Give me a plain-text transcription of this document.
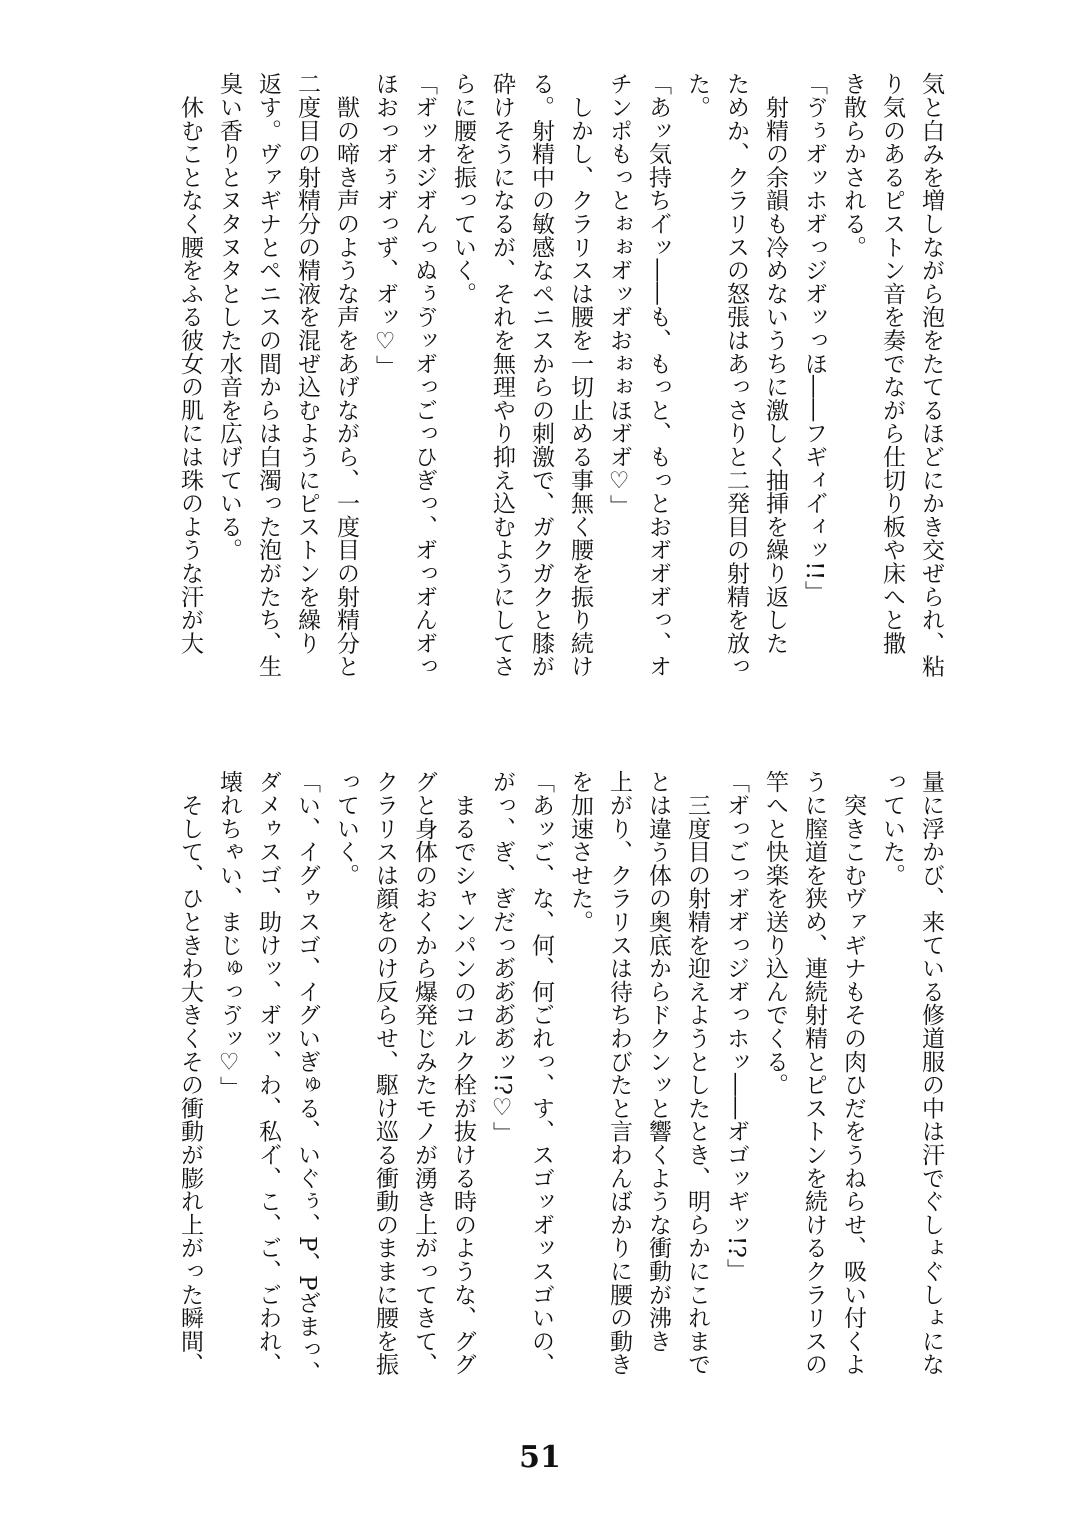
気と白みを増しながら泡をたてるほどにかき交ぜられ、粘
り気のあるピストン音を奏でながら仕切り板や床へと撒
き散らかされる。
「ゔぅオ゙ッホオ゙っジオ゙ッっほ――フギィイ゙ィッ!!」
　射精の余韻も冷めないうちに激しく抽挿を繰り返した
ためか、クラリスの怒張はあっさりと二発目の射精を放っ
た。
「あッ気持ちイ゙ッ――も、もっと、もっとおオ゙オ゙オ゙っ、オ
チンポもっとぉぉオ゙ッオ゙おぉぉほオ゙オ゙♡」
　しかし、クラリスは腰を一切止める事無く腰を振り続け
る。射精中の敏感なペニスからの刺激で、ガクガクと膝が
砕けそうになるが、それを無理やり抑え込むようにしてさ
らに腰を振っていく。
「オ゙ッオジオ゙んっぬぅゔッオ゙っごっひぎっ、オ゙っオ゙んオ゙っ
ほおっオ゙ぅオ゙っず、オ゙ッ♡」
　獣の啼き声のような声をあげながら、一度目の射精分と
二度目の射精分の精液を混ぜ込むようにピストンを繰り
返す。ヴァギナとペニスの間からは白濁った泡がたち、生
臭い香りとヌタヌタとした水音を広げている。
　休むことなく腰をふる彼女の肌には珠のような汗が大
量に浮かび、来ている修道服の中は汗でぐしょぐしょにな
っていた。
　突きこむヴァギナもその肉ひだをうねらせ、吸い付くよ
うに膣道を狭め、連続射精とピストンを続けるクラリスの
竿へと快楽を送り込んでくる。
「オ゙っごっオ゙オ゙っジオ゙っホッ――オ゙ゴッギッ!?」
　三度目の射精を迎えようとしたとき、明らかにこれまで
とは違う体の奥底からドクンッと響くような衝動が沸き
上がり、クラリスは待ちわびたと言わんばかりに腰の動き
を加速させた。
「あッご、な、何、何ごれっ、す、スゴッオ゙ッスゴいの、
がっ、ぎ、ぎだっあ゙あ゙あ゙あ゙ッ!?♡」
　まるでシャンパンのコルク栓が抜ける時のような、ググ
グと身体のおくから爆発じみたモノが湧き上がってきて、
クラリスは顔をのけ反らせ、駆け巡る衝動のままに腰を振
っていく。
「い、イグゥスゴ、イグいぎゅる、いぐぅ、P、Pざまっ、
ダメゥスゴ、助けッ、オ゙ッ、わ、私イ゙、こ、ご、ごわれ、
壊れちゃい、まじゅっゔッ♡」
　そして、ひときわ大きくその衝動が膨れ上がった瞬間、
51
